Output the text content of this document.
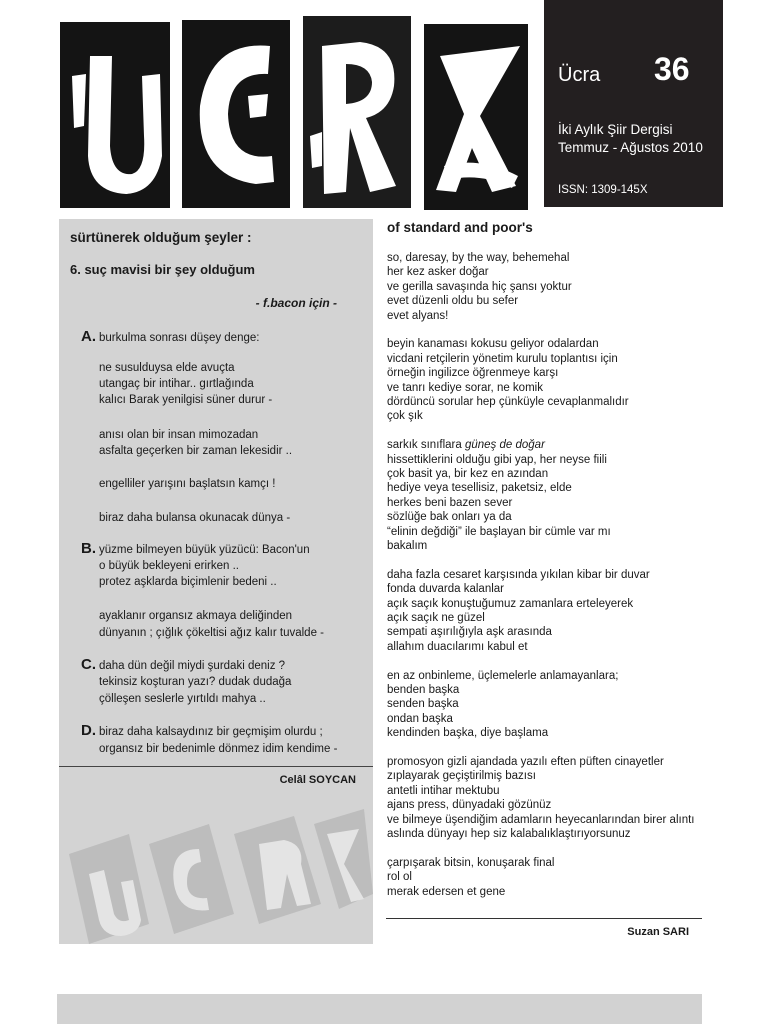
Ücra 36
İki Aylık Şiir Dergisi
Temmuz - Ağustos 2010
ISSN: 1309-145X
sürtünerek olduğum şeyler :
6. suç mavisi bir şey olduğum
- f.bacon için -
A. burkulma sonrası düşey denge:
ne susulduysa elde avuçta
utangaç bir intihar.. gırtlağında
kalıcı Barak yenilgisi süner durur -
anısı olan bir insan mimozadan
asfalta geçerken bir zaman lekesidir ..
engelliler yarışını başlatsın kamçı !
biraz daha bulansa okunacak dünya -
B. yüzme bilmeyen büyük yüzücü: Bacon'un
o büyük bekleyeni erirken ..
protez aşklarda biçimlenir bedeni ..
ayaklanır organsız akmaya deliğinden
dünyanın ; çığlık çökeltisi ağız kalır tuvalde -
C. daha dün değil miydi şurdaki deniz ?
tekinsiz koşturan yazı? dudak dudağa
çölleşen seslerle yırtıldı mahya ..
D. biraz daha kalsaydınız bir geçmişim olurdu ;
organsız bir bedenimle dönmez idim kendime -
Celâl SOYCAN
of standard and poor's
so, daresay, by the way, behemehal
her kez asker doğar
ve gerilla savaşında hiç şansı yoktur
evet düzenli oldu bu sefer
evet alyans!
beyin kanaması kokusu geliyor odalardan
vicdani retçilerin yönetim kurulu toplantısı için
örneğin ingilizce öğrenmeye karşı
ve tanrı kediye sorar, ne komik
dördüncü sorular hep çünküyle cevaplanmalıdır
çok şık
sarkık sınıflara güneş de doğar
hissettiklerini olduğu gibi yap, her neyse fiili
çok basit ya, bir kez en azından
hediye veya tesellisiz, paketsiz, elde
herkes beni bazen sever
sözlüğe bak onları ya da
“elinin değdiği” ile başlayan bir cümle var mı
bakalım
daha fazla cesaret karşısında yıkılan kibar bir duvar
fonda duvarda kalanlar
açık saçık konuştuğumuz zamanlara erteleyerek
açık saçık ne güzel
sempati aşırılığıyla aşk arasında
allahım duacılarımı kabul et
en az onbinleme, üçlemelerle anlamayanlara;
benden başka
senden başka
ondan başka
kendinden başka, diye başlama
promosyon gizli ajandada yazılı eften püften cinayetler
zıplayarak geçiştirilmiş bazısı
antetli intihar mektubu
ajans press, dünyadaki gözünüz
ve bilmeye üşendiğim adamların heyecanlarından birer alıntı
aslında dünyayı hep siz kalabalıklaştırıyorsunuz
çarpışarak bitsin, konuşarak final
rol ol
merak edersen et gene
Suzan SARI
